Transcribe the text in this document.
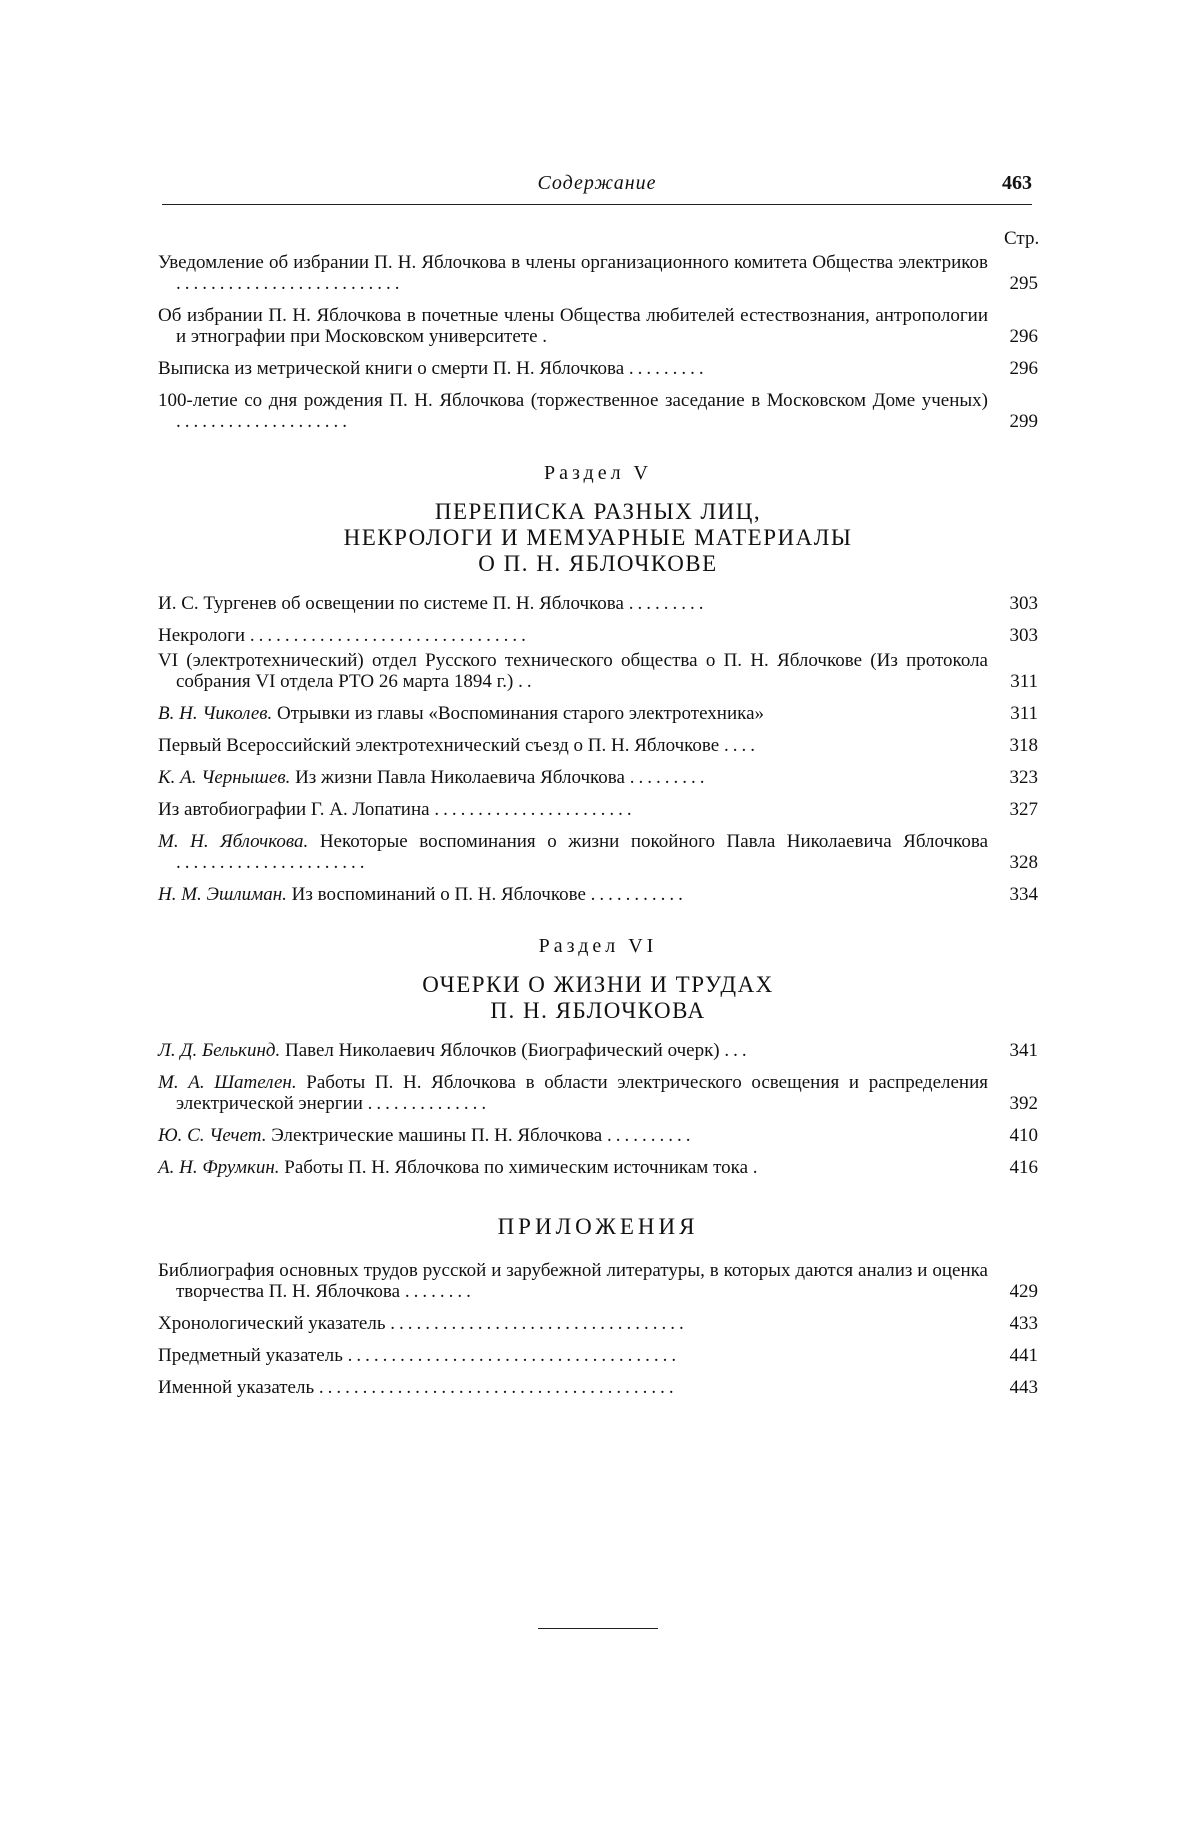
Содержание	463
Стр.
Уведомление об избрании П. Н. Яблочкова в члены организационного комитета Общества электриков ..........................	295
Об избрании П. Н. Яблочкова в почетные члены Общества любителей естествознания, антропологии и этнографии при Московском университете .	296
Выписка из метрической книги о смерти П. Н. Яблочкова .........	296
100-летие со дня рождения П. Н. Яблочкова (торжественное заседание в Московском Доме ученых) ....................	299
Раздел V
ПЕРЕПИСКА РАЗНЫХ ЛИЦ,
НЕКРОЛОГИ И МЕМУАРНЫЕ МАТЕРИАЛЫ
О П. Н. ЯБЛОЧКОВЕ
И. С. Тургенев об освещении по системе П. Н. Яблочкова .........	303
Некрологи ................................	303
VI (электротехнический) отдел Русского технического общества о П. Н. Яблочкове (Из протокола собрания VI отдела РТО 26 марта 1894 г.) ..	311
В. Н. Чиколев. Отрывки из главы «Воспоминания старого электротехника»	311
Первый Всероссийский электротехнический съезд о П. Н. Яблочкове ....	318
К. А. Чернышев. Из жизни Павла Николаевича Яблочкова .........	323
Из автобиографии Г. А. Лопатина .......................	327
М. Н. Яблочкова. Некоторые воспоминания о жизни покойного Павла Николаевича Яблочкова ......................	328
Н. М. Эшлиман. Из воспоминаний о П. Н. Яблочкове ...........	334
Раздел VI
ОЧЕРКИ О ЖИЗНИ И ТРУДАХ
П. Н. ЯБЛОЧКОВА
Л. Д. Белькинд. Павел Николаевич Яблочков (Биографический очерк) ...	341
М. А. Шателен. Работы П. Н. Яблочкова в области электрического освещения и распределения электрической энергии ..............	392
Ю. С. Чечет. Электрические машины П. Н. Яблочкова ..........	410
А. Н. Фрумкин. Работы П. Н. Яблочкова по химическим источникам тока .	416
ПРИЛОЖЕНИЯ
Библиография основных трудов русской и зарубежной литературы, в которых даются анализ и оценка творчества П. Н. Яблочкова ........	429
Хронологический указатель ..................................	433
Предметный указатель ......................................	441
Именной указатель .........................................	443
